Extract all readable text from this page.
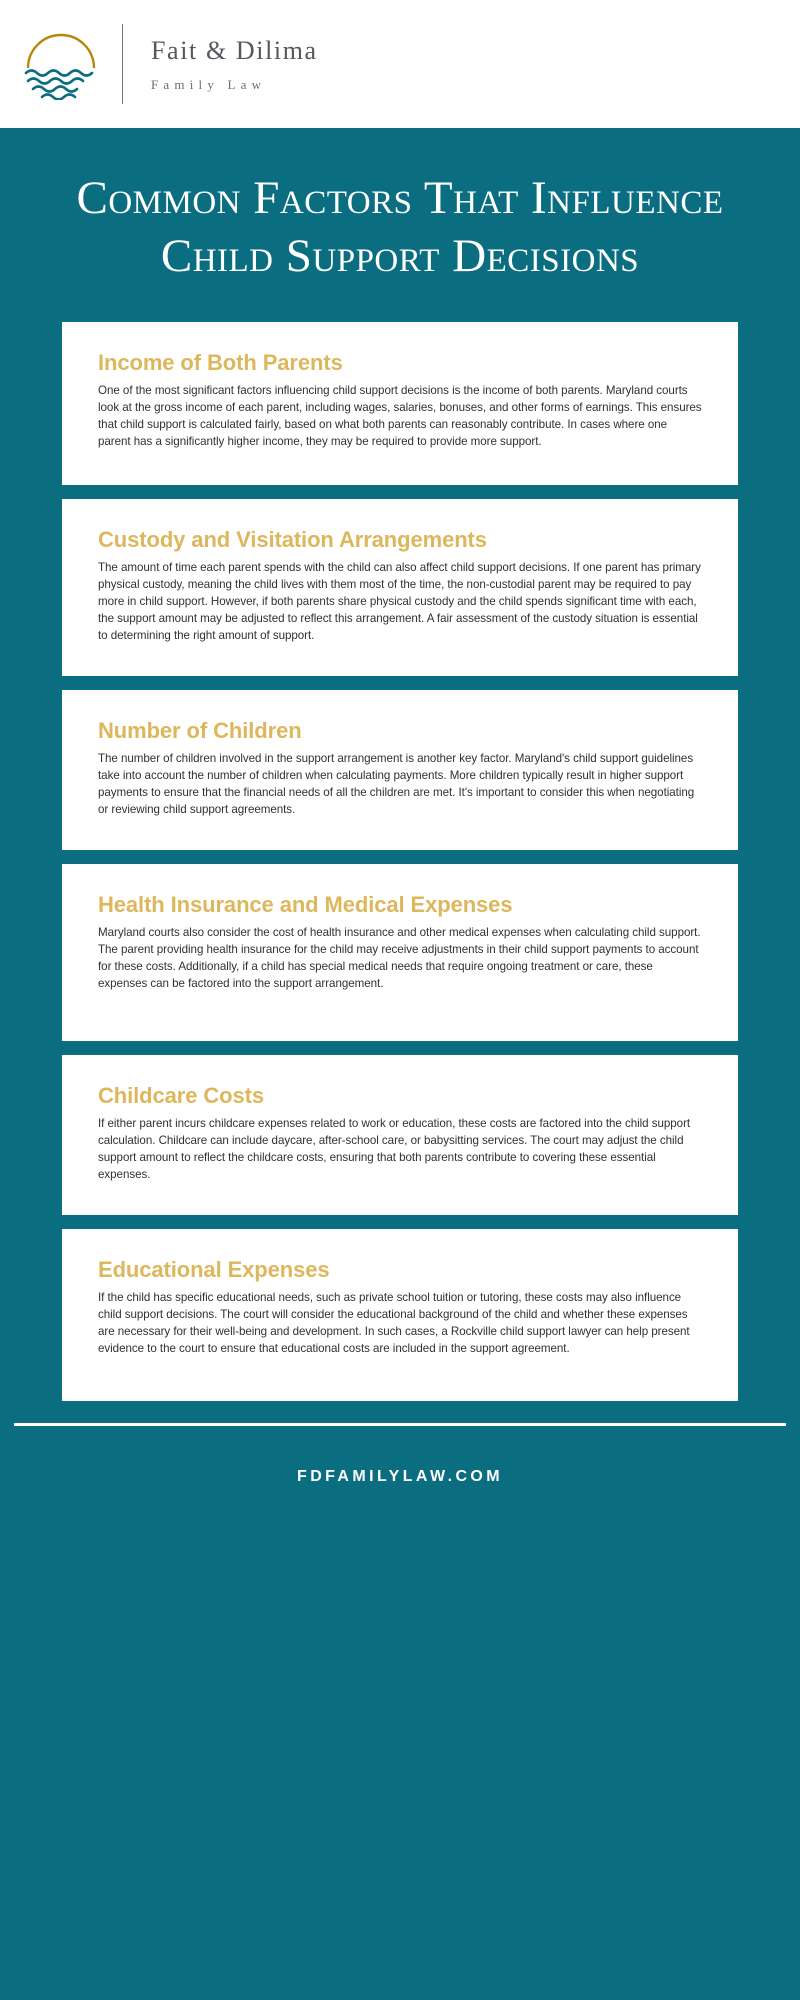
Fait & Dilima
Family Law
Common Factors That Influence Child Support Decisions
Income of Both Parents
One of the most significant factors influencing child support decisions is the income of both parents. Maryland courts look at the gross income of each parent, including wages, salaries, bonuses, and other forms of earnings. This ensures that child support is calculated fairly, based on what both parents can reasonably contribute. In cases where one parent has a significantly higher income, they may be required to provide more support.
Custody and Visitation Arrangements
The amount of time each parent spends with the child can also affect child support decisions. If one parent has primary physical custody, meaning the child lives with them most of the time, the non-custodial parent may be required to pay more in child support. However, if both parents share physical custody and the child spends significant time with each, the support amount may be adjusted to reflect this arrangement. A fair assessment of the custody situation is essential to determining the right amount of support.
Number of Children
The number of children involved in the support arrangement is another key factor. Maryland's child support guidelines take into account the number of children when calculating payments. More children typically result in higher support payments to ensure that the financial needs of all the children are met. It's important to consider this when negotiating or reviewing child support agreements.
Health Insurance and Medical Expenses
Maryland courts also consider the cost of health insurance and other medical expenses when calculating child support. The parent providing health insurance for the child may receive adjustments in their child support payments to account for these costs. Additionally, if a child has special medical needs that require ongoing treatment or care, these expenses can be factored into the support arrangement.
Childcare Costs
If either parent incurs childcare expenses related to work or education, these costs are factored into the child support calculation. Childcare can include daycare, after-school care, or babysitting services. The court may adjust the child support amount to reflect the childcare costs, ensuring that both parents contribute to covering these essential expenses.
Educational Expenses
If the child has specific educational needs, such as private school tuition or tutoring, these costs may also influence child support decisions. The court will consider the educational background of the child and whether these expenses are necessary for their well-being and development. In such cases, a Rockville child support lawyer can help present evidence to the court to ensure that educational costs are included in the support agreement.
FDFAMILYLAW.COM
